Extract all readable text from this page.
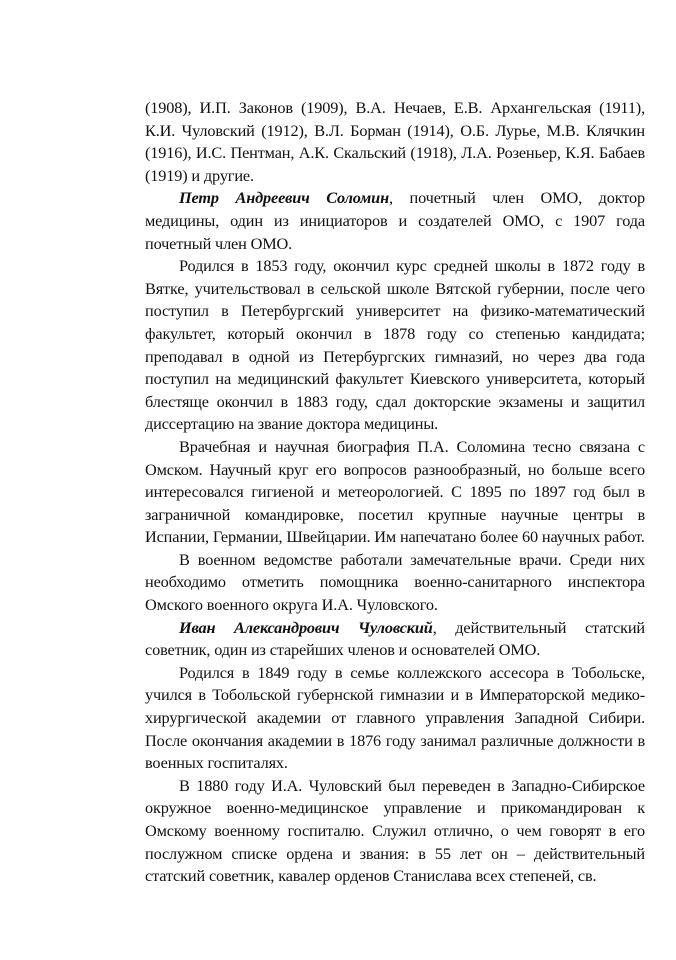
(1908), И.П. Законов (1909), В.А. Нечаев, Е.В. Архангельская (1911), К.И. Чуловский (1912), В.Л. Борман (1914), О.Б. Лурье, М.В. Клячкин (1916), И.С. Пентман, А.К. Скальский (1918), Л.А. Розеньер, К.Я. Бабаев (1919) и другие.

Петр Андреевич Соломин, почетный член ОМО, доктор медицины, один из инициаторов и создателей ОМО, с 1907 года почетный член ОМО.

Родился в 1853 году, окончил курс средней школы в 1872 году в Вятке, учительствовал в сельской школе Вятской губернии, после чего поступил в Петербургский университет на физико-математический факультет, который окончил в 1878 году со степенью кандидата; преподавал в одной из Петербургских гимназий, но через два года поступил на медицинский факультет Киевского университета, который блестяще окончил в 1883 году, сдал докторские экзамены и защитил диссертацию на звание доктора медицины.

Врачебная и научная биография П.А. Соломина тесно связана с Омском. Научный круг его вопросов разнообразный, но больше всего интересовался гигиеной и метеорологией. С 1895 по 1897 год был в заграничной командировке, посетил крупные научные центры в Испании, Германии, Швейцарии. Им напечатано более 60 научных работ.

В военном ведомстве работали замечательные врачи. Среди них необходимо отметить помощника военно-санитарного инспектора Омского военного округа И.А. Чуловского.

Иван Александрович Чуловский, действительный статский советник, один из старейших членов и основателей ОМО.

Родился в 1849 году в семье коллежского ассесора в Тобольске, учился в Тобольской губернской гимназии и в Императорской медико-хирургической академии от главного управления Западной Сибири. После окончания академии в 1876 году занимал различные должности в военных госпиталях.

В 1880 году И.А. Чуловский был переведен в Западно-Сибирское окружное военно-медицинское управление и прикомандирован к Омскому военному госпиталю. Служил отлично, о чем говорят в его послужном списке ордена и звания: в 55 лет он – действительный статский советник, кавалер орденов Станислава всех степеней, св.
